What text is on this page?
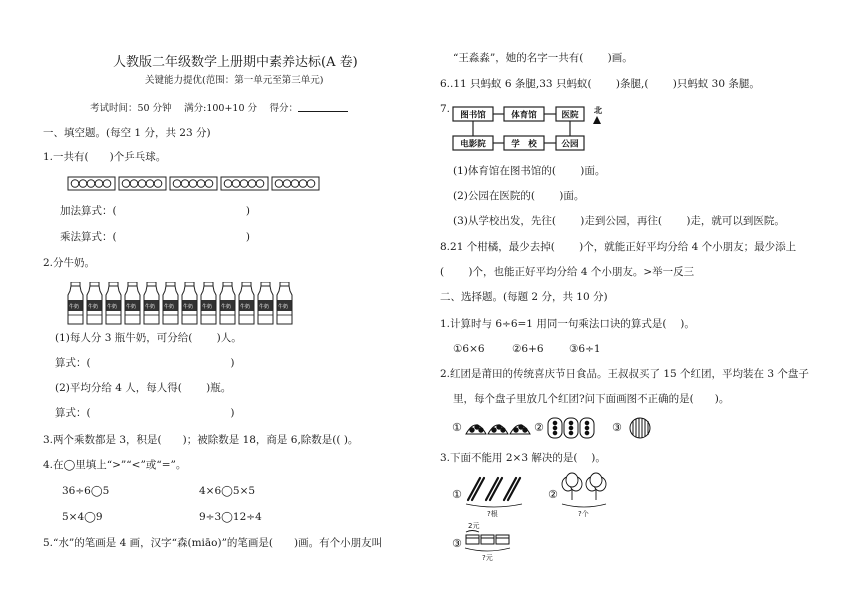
人教版二年级数学上册期中素养达标(A 卷)
关键能力提优(范围：第一单元至第三单元)
考试时间：50 分钟　 满分:100+10 分　 得分：
一、填空题。(每空 1 分，共 23 分)
1.一共有(　　)个乒乓球。
加法算式：(　　　　　　　　　　　　 )
乘法算式：(　　　　　　　　　　　　 )
2.分牛奶。
牛奶 牛奶 牛奶 牛奶 牛奶 牛奶 牛奶 牛奶 牛奶 牛奶 牛奶 牛奶
(1)每人分 3 瓶牛奶，可分给(　　 )人。
算式：(　　　　　　　　　　　　　 )
(2)平均分给 4 人，每人得(　　 )瓶。
算式：(　　　　　　　　　　　　　 )
3.两个乘数都是 3，积是(　　)；被除数是 18，商是 6,除数是(( )。
4.在◯里填上“>”“<”或“=”。
36÷6◯5	4×6◯5×5
5×4◯9	9÷3◯12÷4
5.“水”的笔画是 4 画，汉字“森(miāo)”的笔画是(　　)画。有个小朋友叫
“王淼淼”，她的名字一共有(　　 )画。
6..11 只蚂蚁 6 条腿,33 只蚂蚁(　　 )条腿,(　　 )只蚂蚁 30 条腿。
7.
图书馆	体育馆	医院
电影院	学　校	公园
北
(1)体育馆在图书馆的(　　 )面。
(2)公园在医院的(　　 )面。
(3)从学校出发，先往(　　 )走到公园，再往(　　 )走，就可以到医院。
8.21 个柑橘，最少去掉(　　 )个，就能正好平均分给 4 个小朋友；最少添上
(　　 )个，也能正好平均分给 4 个小朋友。>举一反三
二、选择题。(每题 2 分，共 10 分)
1.计算时与 6÷6=1 用同一句乘法口诀的算式是(　 )。
①6×6	②6+6 ③6÷1
2.红团是莆田的传统喜庆节日食品。王叔叔买了 15 个红团，平均装在 3 个盘子
里，每个盘子里放几个红团?问下面画图不正确的是(　　)。
①	②	③
3.下面不能用 2×3 解决的是(　 )。
①	②
③
?根	?个
2元
?元
